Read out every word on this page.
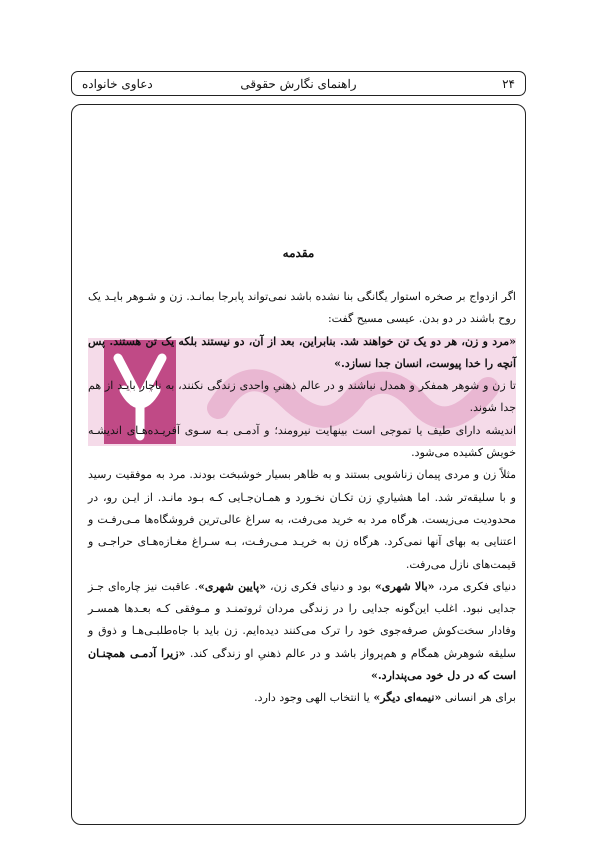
۲۴
راهنمای نگارش حقوقی
دعاوی خانواده
مقدمه

اگر ازدواج بر صخره استوار یگانگی بنا نشده باشد نمی‌تواند پابرجا بمانـد. زن و شـوهر بایـد یک روح باشند در دو بدن. عیسی مسیح گفت:

«مرد و زن، هر دو یک تن خواهند شد. بنابراین، بعد از آن، دو نیستند بلکه یک تن هستند. پس آنچه را خدا پیوست، انسان جدا نسازد.»

تا زن و شوهر همفکر و همدل نباشند و در عالم ذهنیِ واحدی زندگی نکنند، به ناچار بایـد از هم جدا شوند.

اندیشه دارای طیف یا تموجی است بینهایت نیرومند؛ و آدمـی بـه سـوی آفریـده‌هـای اندیشـه خویش کشیده می‌شود.

مثلاً زن و مردی پیمان زناشویی بستند و به ظاهر بسیار خوشبخت بودند. مرد به موفقیت رسید و با سلیقه‌تر شد. اما هشیاریِ زن تکـان نخـورد و همـان‌جـایی کـه بـود مانـد. از ایـن رو، در محدودیت می‌زیست. هرگاه مرد به خرید می‌رفت، به سراغ عالی‌ترین فروشگاه‌ها مـی‌رفـت و اعتنایی به بهای آنها نمی‌کرد. هرگاه زن به خریـد مـی‌رفـت، بـه سـراغ مغـازه‌هـای حراجـی و قیمت‌های نازل می‌رفت.

دنیای فکری مرد، «بالا شهری» بود و دنیای فکری زن، «پایین شهری». عاقبت نیز چاره‌ای جـز جدایی نبود. اغلب این‌گونه جدایی را در زندگی مردان ثروتمنـد و مـوفقی کـه بعـدها همسـر وفادار سخت‌کوش صرفه‌جوی خود را ترک می‌کنند دیده‌ایم. زن باید با جاه‌طلبـی‌هـا و ذوق و سلیقه شوهرش همگام و هم‌پرواز باشد و در عالم ذهنیِ او زندگی کند. «زیرا آدمـی همچنـان است که در دل خود می‌پندارد.»

برای هر انسانی «نیمه‌ای دیگر» یا انتخاب الهی وجود دارد.
